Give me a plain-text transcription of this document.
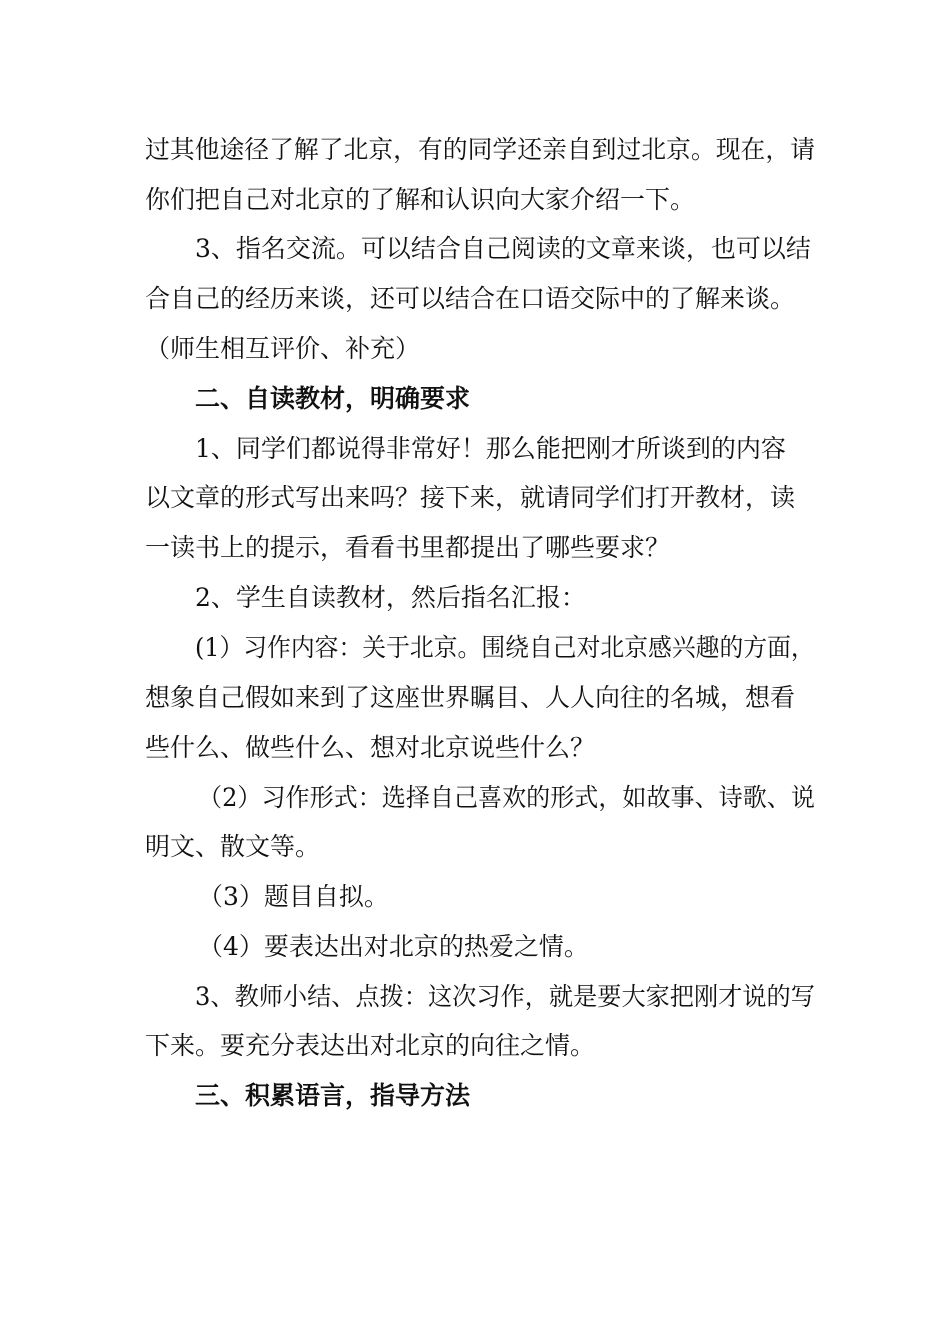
过其他途径了解了北京，有的同学还亲自到过北京。现在，请
你们把自己对北京的了解和认识向大家介绍一下。
3、指名交流。可以结合自己阅读的文章来谈，也可以结
合自己的经历来谈，还可以结合在口语交际中的了解来谈。
（师生相互评价、补充）
二、自读教材，明确要求
1、同学们都说得非常好！那么能把刚才所谈到的内容
以文章的形式写出来吗？接下来，就请同学们打开教材，读
一读书上的提示，看看书里都提出了哪些要求？
2、学生自读教材，然后指名汇报：
(1）习作内容：关于北京。围绕自己对北京感兴趣的方面，
想象自己假如来到了这座世界瞩目、人人向往的名城，想看
些什么、做些什么、想对北京说些什么？
（2）习作形式：选择自己喜欢的形式，如故事、诗歌、说
明文、散文等。
（3）题目自拟。
（4）要表达出对北京的热爱之情。
3、教师小结、点拨：这次习作，就是要大家把刚才说的写
下来。要充分表达出对北京的向往之情。
三、积累语言，指导方法
